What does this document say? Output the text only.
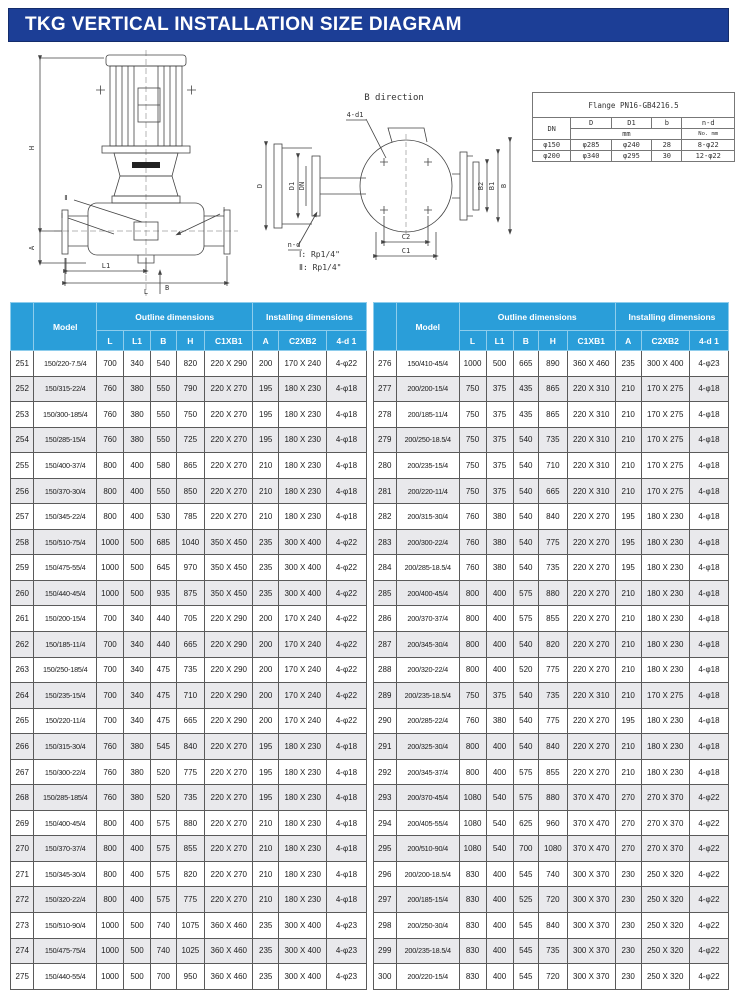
TKG VERTICAL INSTALLATION SIZE DIAGRAM
H
A
L1
L B
Ⅱ
Ⅰ
Ⅰ
B direction
4-d1
n-d
D	D1 DN	B2 B1 B
C2
C1
Ⅰ: Rp1/4"
Ⅱ: Rp1/4"
Flange PN16-GB4216.5				
DN	D	D1	b	n-d
	mm			No. mm
φ150	φ285	φ240	28	8-φ22
φ200	φ340	φ295	30	12-φ22
	Model	Outline dimensions					Installing dimensions		
		L	L1	B	H	C1XB1	A	C2XB2	4-d 1
251	150/220-7.5/4	700	340	540	820	220 X 290	200	170 X 240	4-φ22
252	150/315-22/4	760	380	550	790	220 X 270	195	180 X 230	4-φ18
253	150/300-185/4	760	380	550	750	220 X 270	195	180 X 230	4-φ18
254	150/285-15/4	760	380	550	725	220 X 270	195	180 X 230	4-φ18
255	150/400-37/4	800	400	580	865	220 X 270	210	180 X 230	4-φ18
256	150/370-30/4	800	400	550	850	220 X 270	210	180 X 230	4-φ18
257	150/345-22/4	800	400	530	785	220 X 270	210	180 X 230	4-φ18
258	150/510-75/4	1000	500	685	1040	350 X 450	235	300 X 400	4-φ22
259	150/475-55/4	1000	500	645	970	350 X 450	235	300 X 400	4-φ22
260	150/440-45/4	1000	500	935	875	350 X 450	235	300 X 400	4-φ22
261	150/200-15/4	700	340	440	705	220 X 290	200	170 X 240	4-φ22
262	150/185-11/4	700	340	440	665	220 X 290	200	170 X 240	4-φ22
263	150/250-185/4	700	340	475	735	220 X 290	200	170 X 240	4-φ22
264	150/235-15/4	700	340	475	710	220 X 290	200	170 X 240	4-φ22
265	150/220-11/4	700	340	475	665	220 X 290	200	170 X 240	4-φ22
266	150/315-30/4	760	380	545	840	220 X 270	195	180 X 230	4-φ18
267	150/300-22/4	760	380	520	775	220 X 270	195	180 X 230	4-φ18
268	150/285-185/4	760	380	520	735	220 X 270	195	180 X 230	4-φ18
269	150/400-45/4	800	400	575	880	220 X 270	210	180 X 230	4-φ18
270	150/370-37/4	800	400	575	855	220 X 270	210	180 X 230	4-φ18
271	150/345-30/4	800	400	575	820	220 X 270	210	180 X 230	4-φ18
272	150/320-22/4	800	400	575	775	220 X 270	210	180 X 230	4-φ18
273	150/510-90/4	1000	500	740	1075	360 X 460	235	300 X 400	4-φ23
274	150/475-75/4	1000	500	740	1025	360 X 460	235	300 X 400	4-φ23
275	150/440-55/4	1000	500	700	950	360 X 460	235	300 X 400	4-φ23
	Model	Outline dimensions					Installing dimensions		
		L	L1	B	H	C1XB1	A	C2XB2	4-d 1
276	150/410-45/4	1000	500	665	890	360 X 460	235	300 X 400	4-φ23
277	200/200-15/4	750	375	435	865	220 X 310	210	170 X 275	4-φ18
278	200/185-11/4	750	375	435	865	220 X 310	210	170 X 275	4-φ18
279	200/250-18.5/4	750	375	540	735	220 X 310	210	170 X 275	4-φ18
280	200/235-15/4	750	375	540	710	220 X 310	210	170 X 275	4-φ18
281	200/220-11/4	750	375	540	665	220 X 310	210	170 X 275	4-φ18
282	200/315-30/4	760	380	540	840	220 X 270	195	180 X 230	4-φ18
283	200/300-22/4	760	380	540	775	220 X 270	195	180 X 230	4-φ18
284	200/285-18.5/4	760	380	540	735	220 X 270	195	180 X 230	4-φ18
285	200/400-45/4	800	400	575	880	220 X 270	210	180 X 230	4-φ18
286	200/370-37/4	800	400	575	855	220 X 270	210	180 X 230	4-φ18
287	200/345-30/4	800	400	540	820	220 X 270	210	180 X 230	4-φ18
288	200/320-22/4	800	400	520	775	220 X 270	210	180 X 230	4-φ18
289	200/235-18.5/4	750	375	540	735	220 X 310	210	170 X 275	4-φ18
290	200/285-22/4	760	380	540	775	220 X 270	195	180 X 230	4-φ18
291	200/325-30/4	800	400	540	840	220 X 270	210	180 X 230	4-φ18
292	200/345-37/4	800	400	575	855	220 X 270	210	180 X 230	4-φ18
293	200/370-45/4	1080	540	575	880	370 X 470	270	270 X 370	4-φ22
294	200/405-55/4	1080	540	625	960	370 X 470	270	270 X 370	4-φ22
295	200/510-90/4	1080	540	700	1080	370 X 470	270	270 X 370	4-φ22
296	200/200-18.5/4	830	400	545	740	300 X 370	230	250 X 320	4-φ22
297	200/185-15/4	830	400	525	720	300 X 370	230	250 X 320	4-φ22
298	200/250-30/4	830	400	545	840	300 X 370	230	250 X 320	4-φ22
299	200/235-18.5/4	830	400	545	735	300 X 370	230	250 X 320	4-φ22
300	200/220-15/4	830	400	545	720	300 X 370	230	250 X 320	4-φ22
